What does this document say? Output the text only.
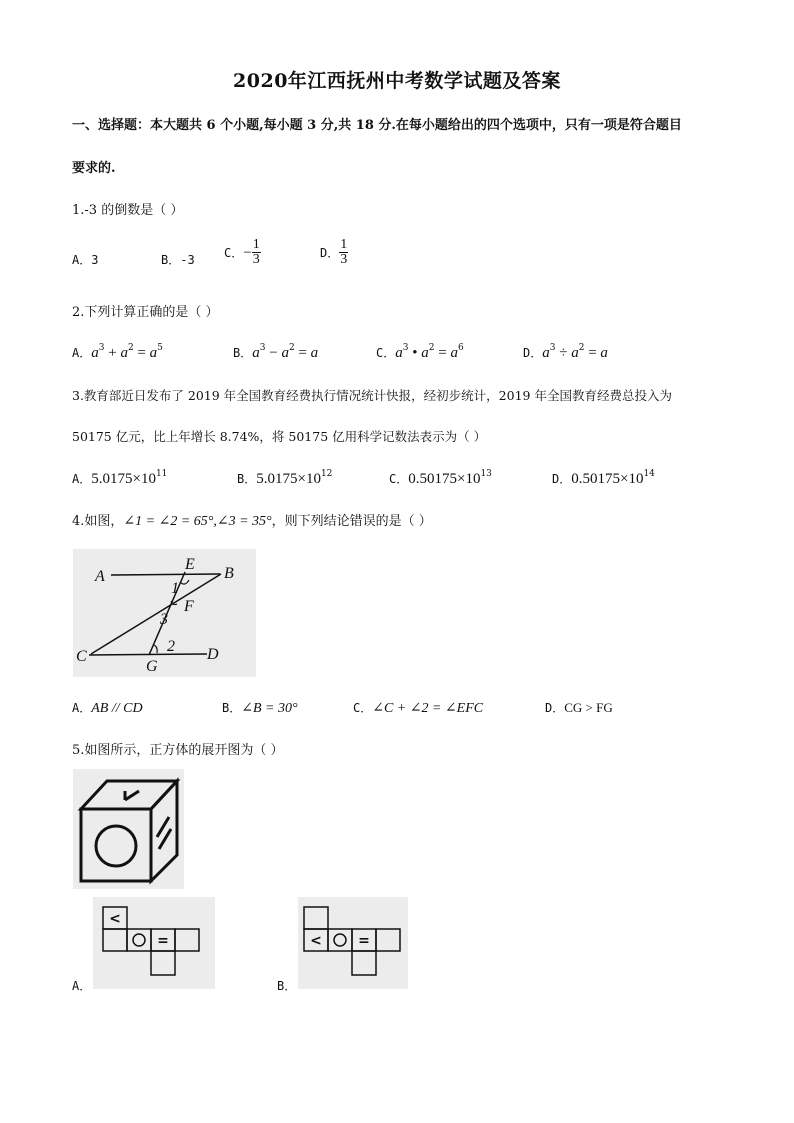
2020年江西抚州中考数学试题及答案
一、选择题：本大题共 6 个小题,每小题 3 分,共 18 分.在每小题给出的四个选项中，只有一项是符合题目
要求的.
1.-3 的倒数是（ ）
A．3	B．-3 C．− $\frac{1}{3}$	D． $\frac{1}{3}$
2.下列计算正确的是（ ）
A．$a^3 + a^2 = a^5$	B．$a^3 - a^2 = a$	C．$a^3$ • $a^2 = a^6$	D．$a^3 \div a^2 = a$
3.教育部近日发布了 2019 年全国教育经费执行情况统计快报，经初步统计，2019 年全国教育经费总投入为
50175 亿元，比上年增长 8.74%，将 50175 亿用科学记数法表示为（ ）
A．$5.0175\times 10^{11}$	B．$5.0175\times 10^{12}$	C．$0.50175\times 10^{13}$	D．$0.50175\times 10^{14}$
4.如图，∠1 = ∠2 = 65°,∠3 = 35°，则下列结论错误的是（ ）
A	B
C	D
E
F
G
1
2
3
A．AB // CD	B．∠B = 30°	C．∠C + ∠2 = ∠EFC	D．CG > FG
5.如图所示，正方体的展开图为（ ）
<
=
A．
<	=
B．
